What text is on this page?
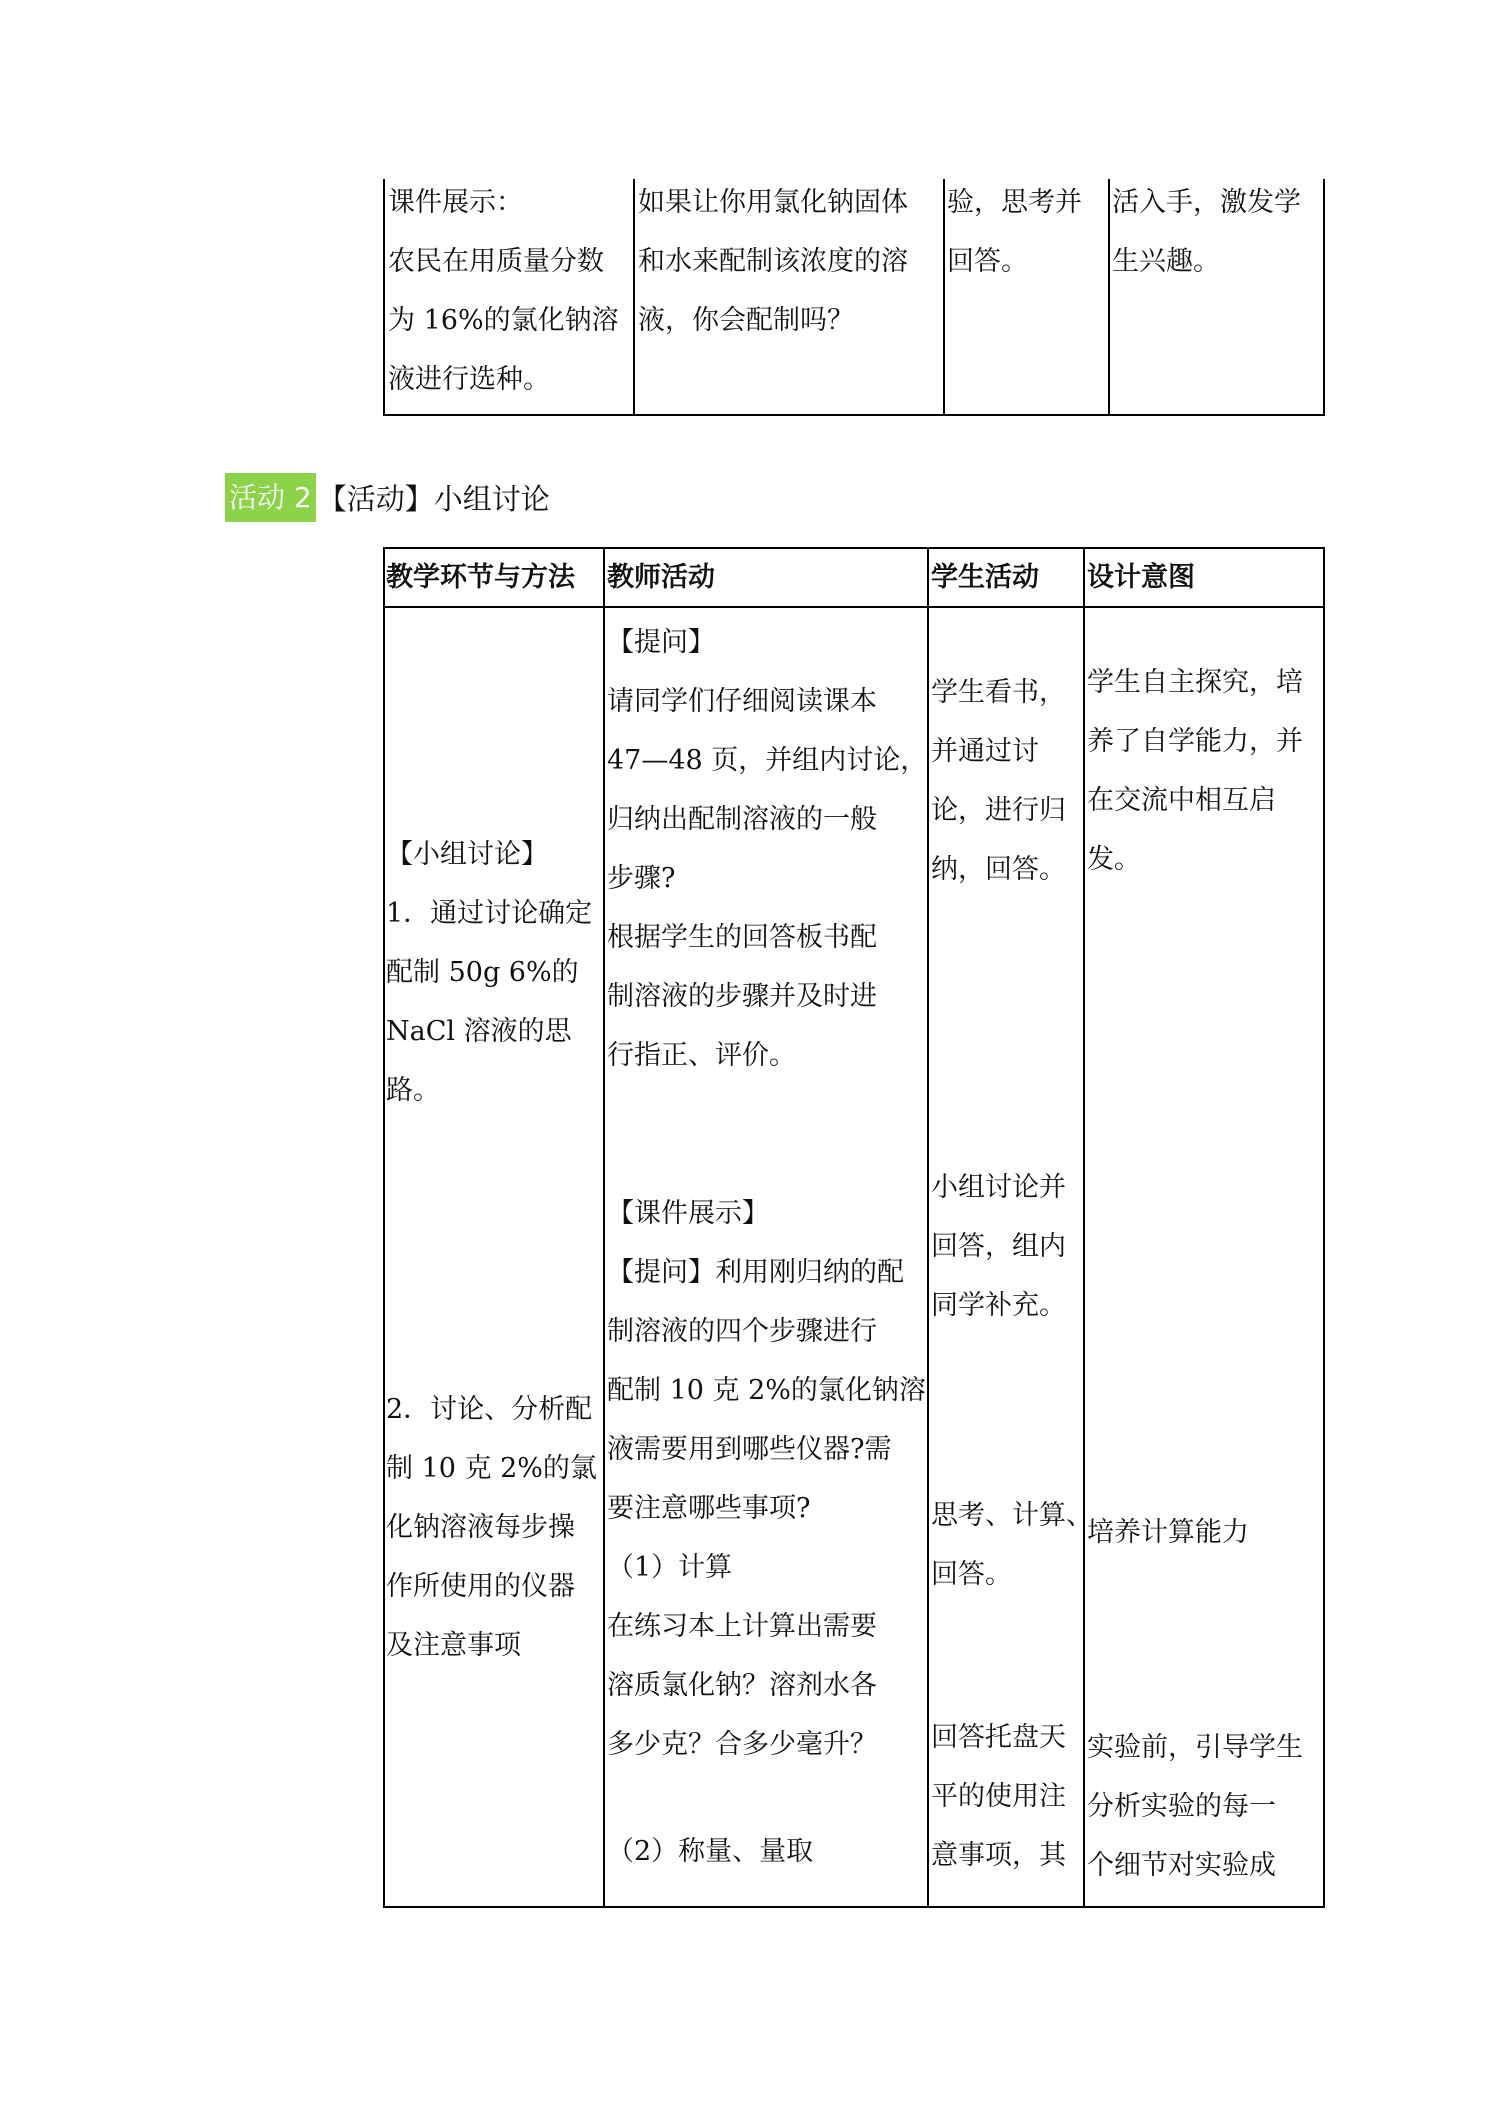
课件展示：
农民在用质量分数
为 16%的氯化钠溶
液进行选种。
如果让你用氯化钠固体
和水来配制该浓度的溶
液，你会配制吗？
验，思考并
回答。
活入手，激发学
生兴趣。
活动 2 【活动】小组讨论
教学环节与方法 教师活动	学生活动 设计意图
【小组讨论】
1．通过讨论确定
配制 50g 6%的
NaCl 溶液的思
路。
2．讨论、分析配
制 10 克 2%的氯
化钠溶液每步操
作所使用的仪器
及注意事项
【提问】
请同学们仔细阅读课本
47—48 页，并组内讨论，
归纳出配制溶液的一般
步骤?
根据学生的回答板书配
制溶液的步骤并及时进
行指正、评价。
【课件展示】
【提问】利用刚归纳的配
制溶液的四个步骤进行
配制 10 克 2%的氯化钠溶
液需要用到哪些仪器?需
要注意哪些事项?
（1）计算
在练习本上计算出需要
溶质氯化钠？溶剂水各
多少克？合多少毫升？
（2）称量、量取
学生看书，
并通过讨
论，进行归
纳，回答。
小组讨论并
回答，组内
同学补充。
思考、计算、
回答。
回答托盘天
平的使用注
意事项，其
学生自主探究，培
养了自学能力，并
在交流中相互启
发。
培养计算能力
实验前，引导学生
分析实验的每一
个细节对实验成
